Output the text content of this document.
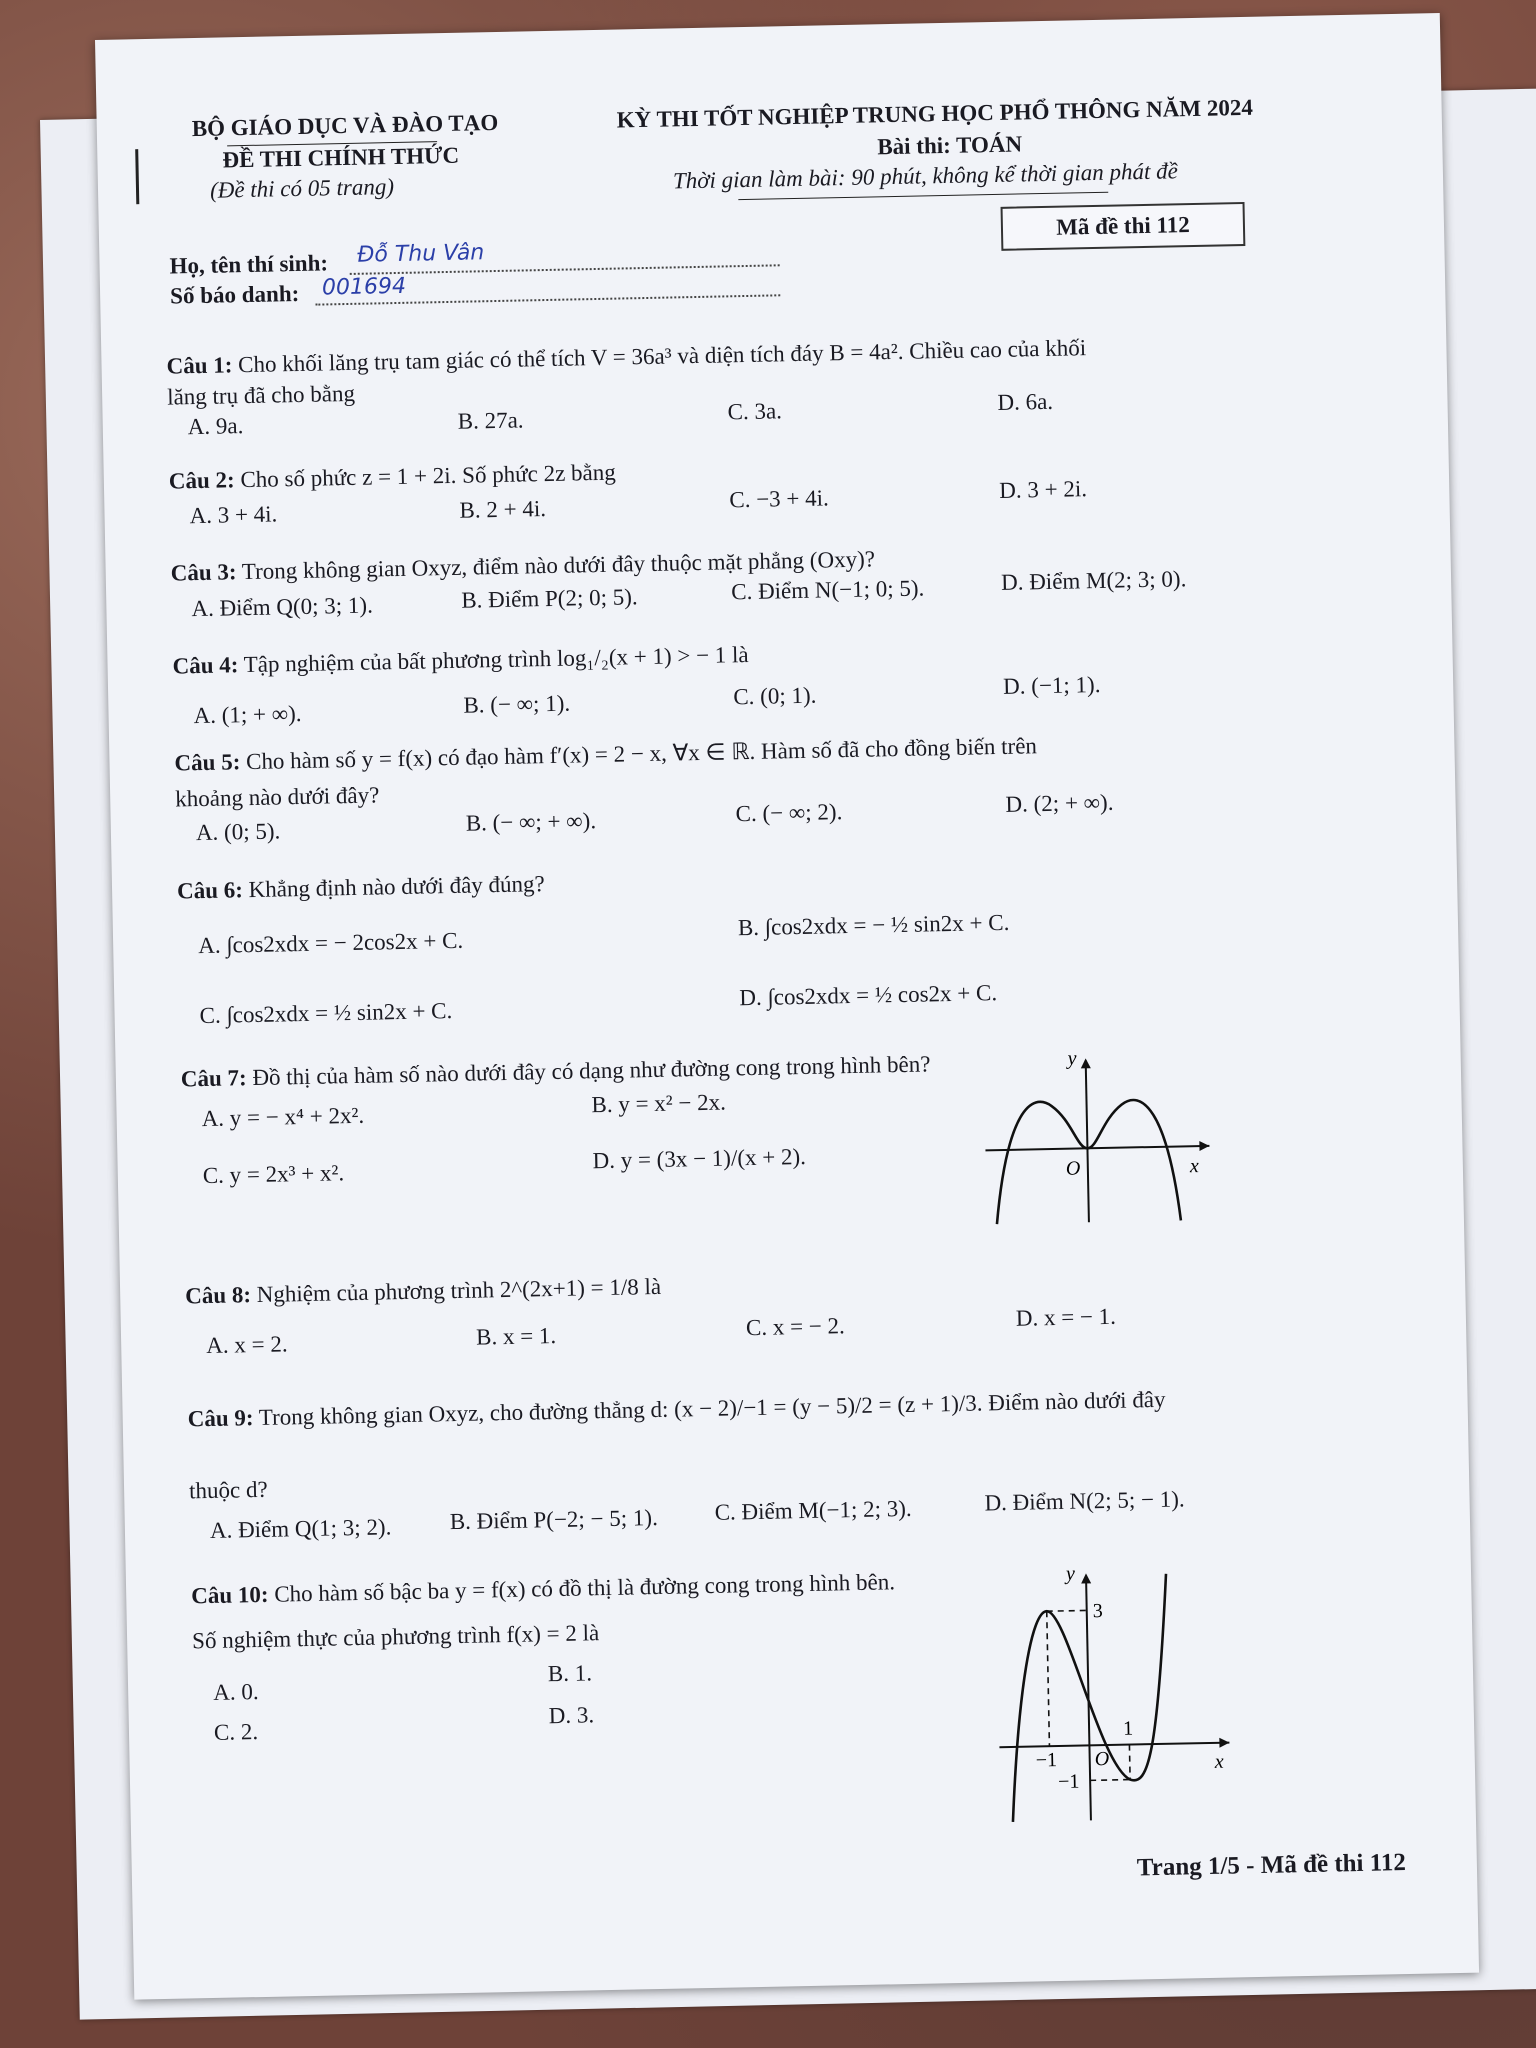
BỘ GIÁO DỤC VÀ ĐÀO TẠO
ĐỀ THI CHÍNH THỨC
(Đề thi có 05 trang)
KỲ THI TỐT NGHIỆP TRUNG HỌC PHỔ THÔNG NĂM 2024
Bài thi: TOÁN
Thời gian làm bài: 90 phút, không kể thời gian phát đề
Mã đề thi 112
Họ, tên thí sinh: Đỗ Thu Vân
Số báo danh: 001694
Câu 1: Cho khối lăng trụ tam giác có thể tích V = 36a³ và diện tích đáy B = 4a². Chiều cao của khối
lăng trụ đã cho bằng
A. 9a.	B. 27a.	C. 3a.	D. 6a.
Câu 2: Cho số phức z = 1 + 2i. Số phức 2z bằng
A. 3 + 4i.	B. 2 + 4i.	C. −3 + 4i.	D. 3 + 2i.
Câu 3: Trong không gian Oxyz, điểm nào dưới đây thuộc mặt phẳng (Oxy)?
A. Điểm Q(0; 3; 1).	B. Điểm P(2; 0; 5).	C. Điểm N(−1; 0; 5).	D. Điểm M(2; 3; 0).
Câu 4: Tập nghiệm của bất phương trình log₁/₂(x + 1) > − 1 là
A. (1; + ∞).	B. (− ∞; 1).	C. (0; 1).	D. (−1; 1).
Câu 5: Cho hàm số y = f(x) có đạo hàm f′(x) = 2 − x, ∀x ∈ ℝ. Hàm số đã cho đồng biến trên
khoảng nào dưới đây?
A. (0; 5).	B. (− ∞; + ∞).	C. (− ∞; 2).	D. (2; + ∞).
Câu 6: Khẳng định nào dưới đây đúng?
A. ∫cos2xdx = − 2cos2x + C.
B. ∫cos2xdx = − ½ sin2x + C.
C. ∫cos2xdx = ½ sin2x + C.
D. ∫cos2xdx = ½ cos2x + C.
Câu 7: Đồ thị của hàm số nào dưới đây có dạng như đường cong trong hình bên?
A. y = − x⁴ + 2x².	B. y = x² − 2x.
C. y = 2x³ + x².
D. y = (3x − 1)/(x + 2).
y
x
O
Câu 8: Nghiệm của phương trình 2^(2x+1) = 1/8 là
A. x = 2.	B. x = 1.	C. x = − 2.	D. x = − 1.
Câu 9: Trong không gian Oxyz, cho đường thẳng d: (x − 2)/−1 = (y − 5)/2 = (z + 1)/3. Điểm nào dưới đây
thuộc d?
A. Điểm Q(1; 3; 2).	B. Điểm P(−2; − 5; 1). C. Điểm M(−1; 2; 3).	D. Điểm N(2; 5; − 1).
Câu 10: Cho hàm số bậc ba y = f(x) có đồ thị là đường cong trong hình bên.
Số nghiệm thực của phương trình f(x) = 2 là
A. 0.
B. 1.
C. 2.
D. 3.
y
x
O
3
1
−1
−1
Trang 1/5 - Mã đề thi 112
